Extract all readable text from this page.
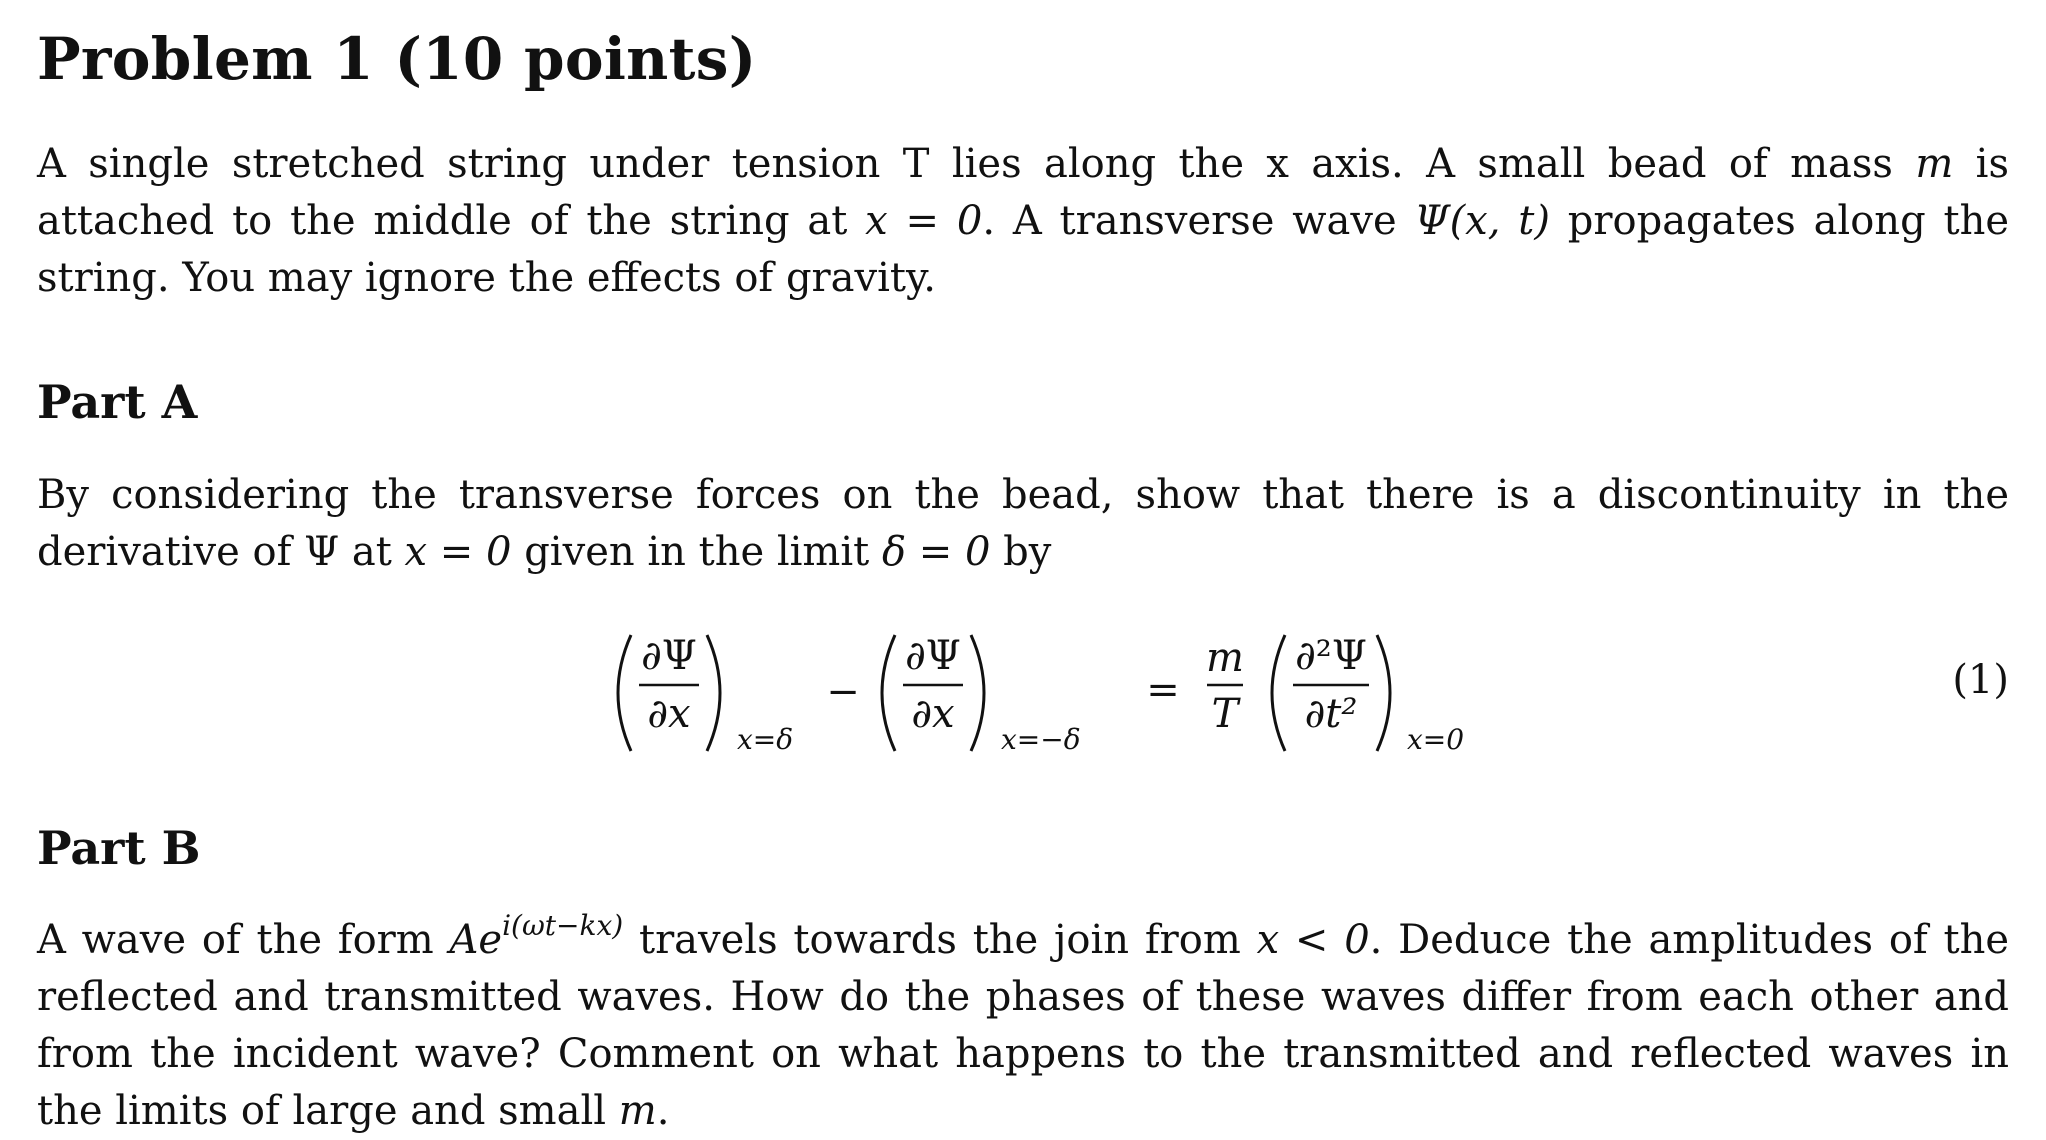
Problem 1 (10 points)

A single stretched string under tension T lies along the x axis. A small bead of mass m is attached to the middle of the string at x = 0. A transverse wave Ψ(x, t) propagates along the string. You may ignore the effects of gravity.

Part A

By considering the transverse forces on the bead, show that there is a discontinuity in the derivative of Ψ at x = 0 given in the limit δ = 0 by

∂Ψ
∂x
x=δ
−
∂Ψ
∂x
x=−δ
=
m
T
∂²Ψ
∂t²
x=0
(1)
Part B

A wave of the form $Ae^{i(\omega t-kx)}$ travels towards the join from x < 0. Deduce the amplitudes of the reflected and transmitted waves. How do the phases of these waves differ from each other and from the incident wave? Comment on what happens to the transmitted and reflected waves in the limits of large and small m.
